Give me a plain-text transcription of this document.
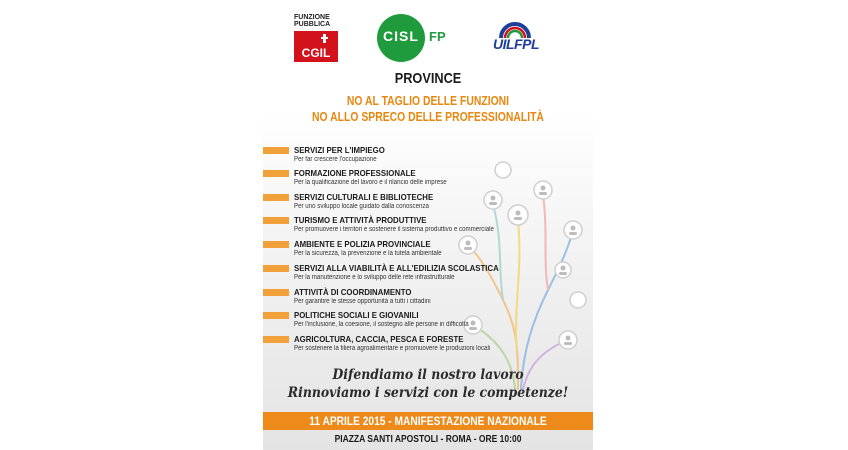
FUNZIONE
PUBBLICA
CGIL
CISL FP	UILFPL
PROVINCE
NO AL TAGLIO DELLE FUNZIONI
NO ALLO SPRECO DELLE PROFESSIONALITÀ
SERVIZI PER L'IMPIEGO
Per far crescere l'occupazione
FORMAZIONE PROFESSIONALE
Per la qualificazione del lavoro e il rilancio delle imprese
SERVIZI CULTURALI E BIBLIOTECHE
Per uno sviluppo locale guidato dalla conoscenza
TURISMO E ATTIVITÀ PRODUTTIVE
Per promuovere i territori e sostenere il sistema produttivo e commerciale
AMBIENTE E POLIZIA PROVINCIALE
Per la sicurezza, la prevenzione e la tutela ambientale
SERVIZI ALLA VIABILITÀ E ALL'EDILIZIA SCOLASTICA
Per la manutenzione e lo sviluppo delle rete infrastrutturale
ATTIVITÀ DI COORDINAMENTO
Per garantire le stesse opportunità a tutti i cittadini
POLITICHE SOCIALI E GIOVANILI
Per l'inclusione, la coesione, il sostegno alle persone in difficoltà
AGRICOLTURA, CACCIA, PESCA E FORESTE
Per sostenere la filiera agroalimentare e promuovere le produzioni locali
Difendiamo il nostro lavoro
Rinnoviamo i servizi con le competenze!
11 APRILE 2015 - MANIFESTAZIONE NAZIONALE
PIAZZA SANTI APOSTOLI - ROMA - ORE 10:00
